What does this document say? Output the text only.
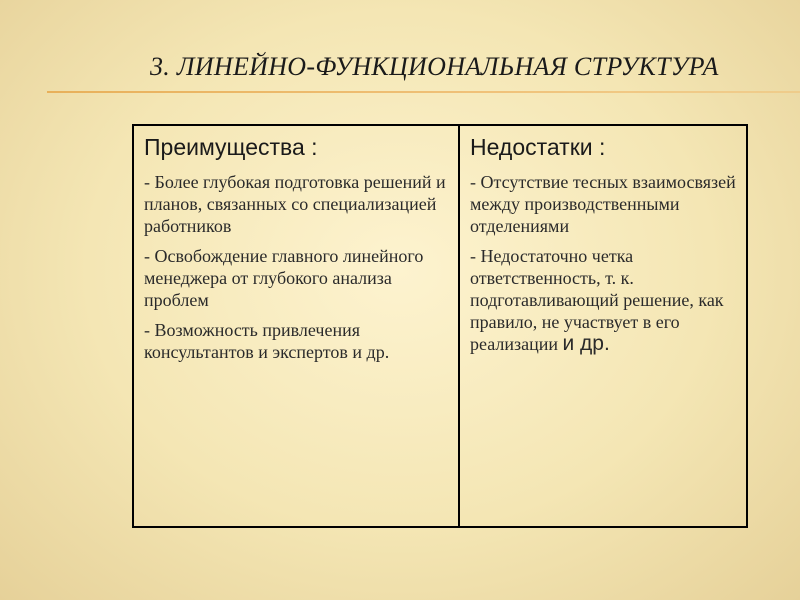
3. ЛИНЕЙНО-ФУНКЦИОНАЛЬНАЯ СТРУКТУРА
Преимущества :
- Более глубокая подготовка решений и планов, связанных со специализацией работников
- Освобождение главного линейного менеджера от глубокого анализа проблем
- Возможность привлечения консультантов и экспертов и др.

Недостатки :
- Отсутствие тесных взаимосвязей между производственными отделениями
- Недостаточно четка ответственность, т. к. подготавливающий решение, как правило, не участвует в его реализации и др.
